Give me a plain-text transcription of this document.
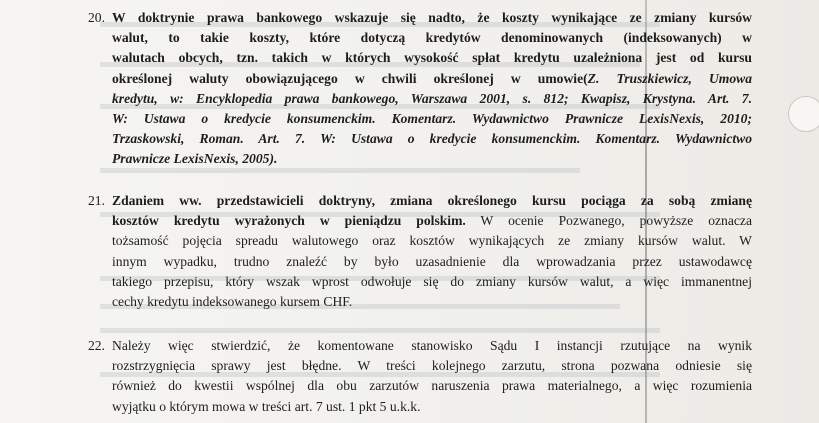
20. W doktrynie prawa bankowego wskazuje się nadto, że koszty wynikające ze zmiany kursów
walut, to takie koszty, które dotyczą kredytów denominowanych (indeksowanych) w
walutach obcych, tzn. takich w których wysokość spłat kredytu uzależniona jest od kursu
określonej waluty obowiązującego w chwili określonej w umowie(Z. Truszkiewicz, Umowa
kredytu, w: Encyklopedia prawa bankowego, Warszawa 2001, s. 812; Kwapisz, Krystyna. Art. 7.
W: Ustawa o kredycie konsumenckim. Komentarz. Wydawnictwo Prawnicze LexisNexis, 2010;
Trzaskowski, Roman. Art. 7. W: Ustawa o kredycie konsumenckim. Komentarz. Wydawnictwo
Prawnicze LexisNexis, 2005).
21. Zdaniem ww. przedstawicieli doktryny, zmiana określonego kursu pociąga za sobą zmianę
kosztów kredytu wyrażonych w pieniądzu polskim. W ocenie Pozwanego, powyższe oznacza
tożsamość pojęcia spreadu walutowego oraz kosztów wynikających ze zmiany kursów walut. W
innym wypadku, trudno znaleźć by było uzasadnienie dla wprowadzania przez ustawodawcę
takiego przepisu, który wszak wprost odwołuje się do zmiany kursów walut, a więc immanentnej
cechy kredytu indeksowanego kursem CHF.
22. Należy więc stwierdzić, że komentowane stanowisko Sądu I instancji rzutujące na wynik
rozstrzygnięcia sprawy jest błędne. W treści kolejnego zarzutu, strona pozwana odniesie się
również do kwestii wspólnej dla obu zarzutów naruszenia prawa materialnego, a więc rozumienia
wyjątku o którym mowa w treści art. 7 ust. 1 pkt 5 u.k.k.
